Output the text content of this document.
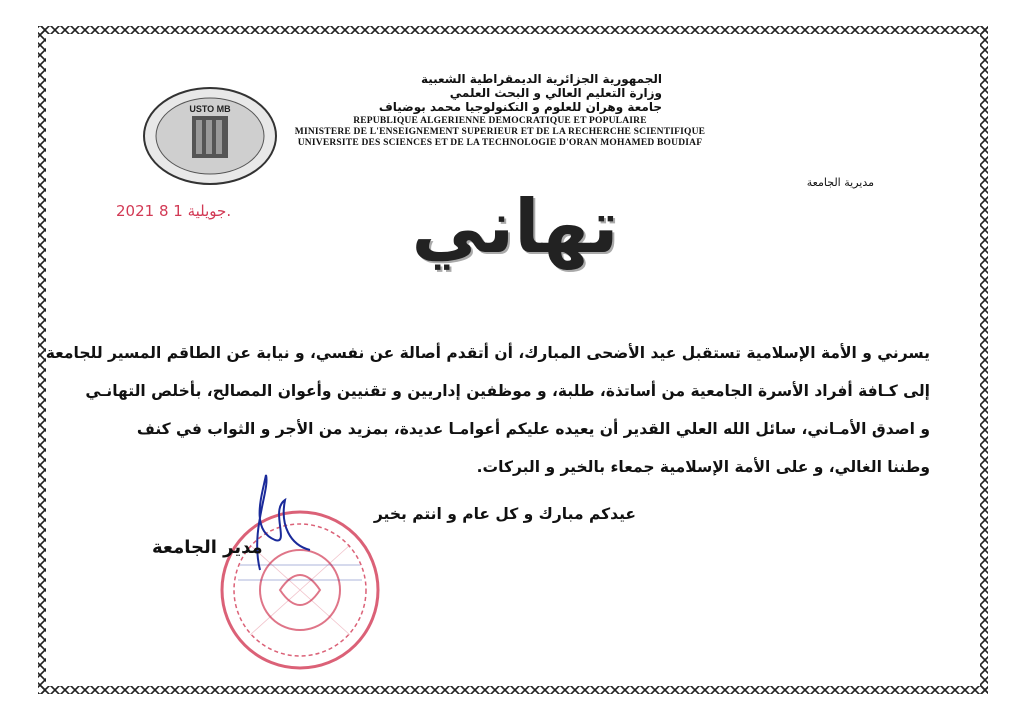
USTO MB
الجمهورية الجزائرية الديمقراطية الشعبية
وزارة التعليم العالي و البحث العلمي
جامعة وهران للعلوم و التكنولوجيا محمد بوضياف
REPUBLIQUE ALGERIENNE DEMOCRATIQUE ET POPULAIRE
MINISTERE DE L'ENSEIGNEMENT SUPERIEUR ET DE LA RECHERCHE SCIENTIFIQUE
UNIVERSITE DES SCIENCES ET DE LA TECHNOLOGIE D'ORAN MOHAMED BOUDIAF
مديرية الجامعة
2021 جويلية 1 8.	تهاني

يسرني و الأمة الإسلامية تستقبل عيد الأضحى المبارك، أن أتقدم أصالة عن نفسي، و نيابة عن الطاقم المسير للجامعة

إلى كـافة أفراد الأسرة الجامعية من أساتذة، طلبة، و موظفين إداريين و تقنيين وأعوان المصالح، بأخلص التهانـي

و اصدق الأمـاني، سائل الله العلي القدير أن يعيده عليكم أعوامـا عديدة، بمزيد من الأجر و الثواب في كنف

وطننا الغالي، و على الأمة الإسلامية جمعاء بالخير و البركات.

عيدكم مبارك و كل عام و انتم بخير
مدير الجامعة
